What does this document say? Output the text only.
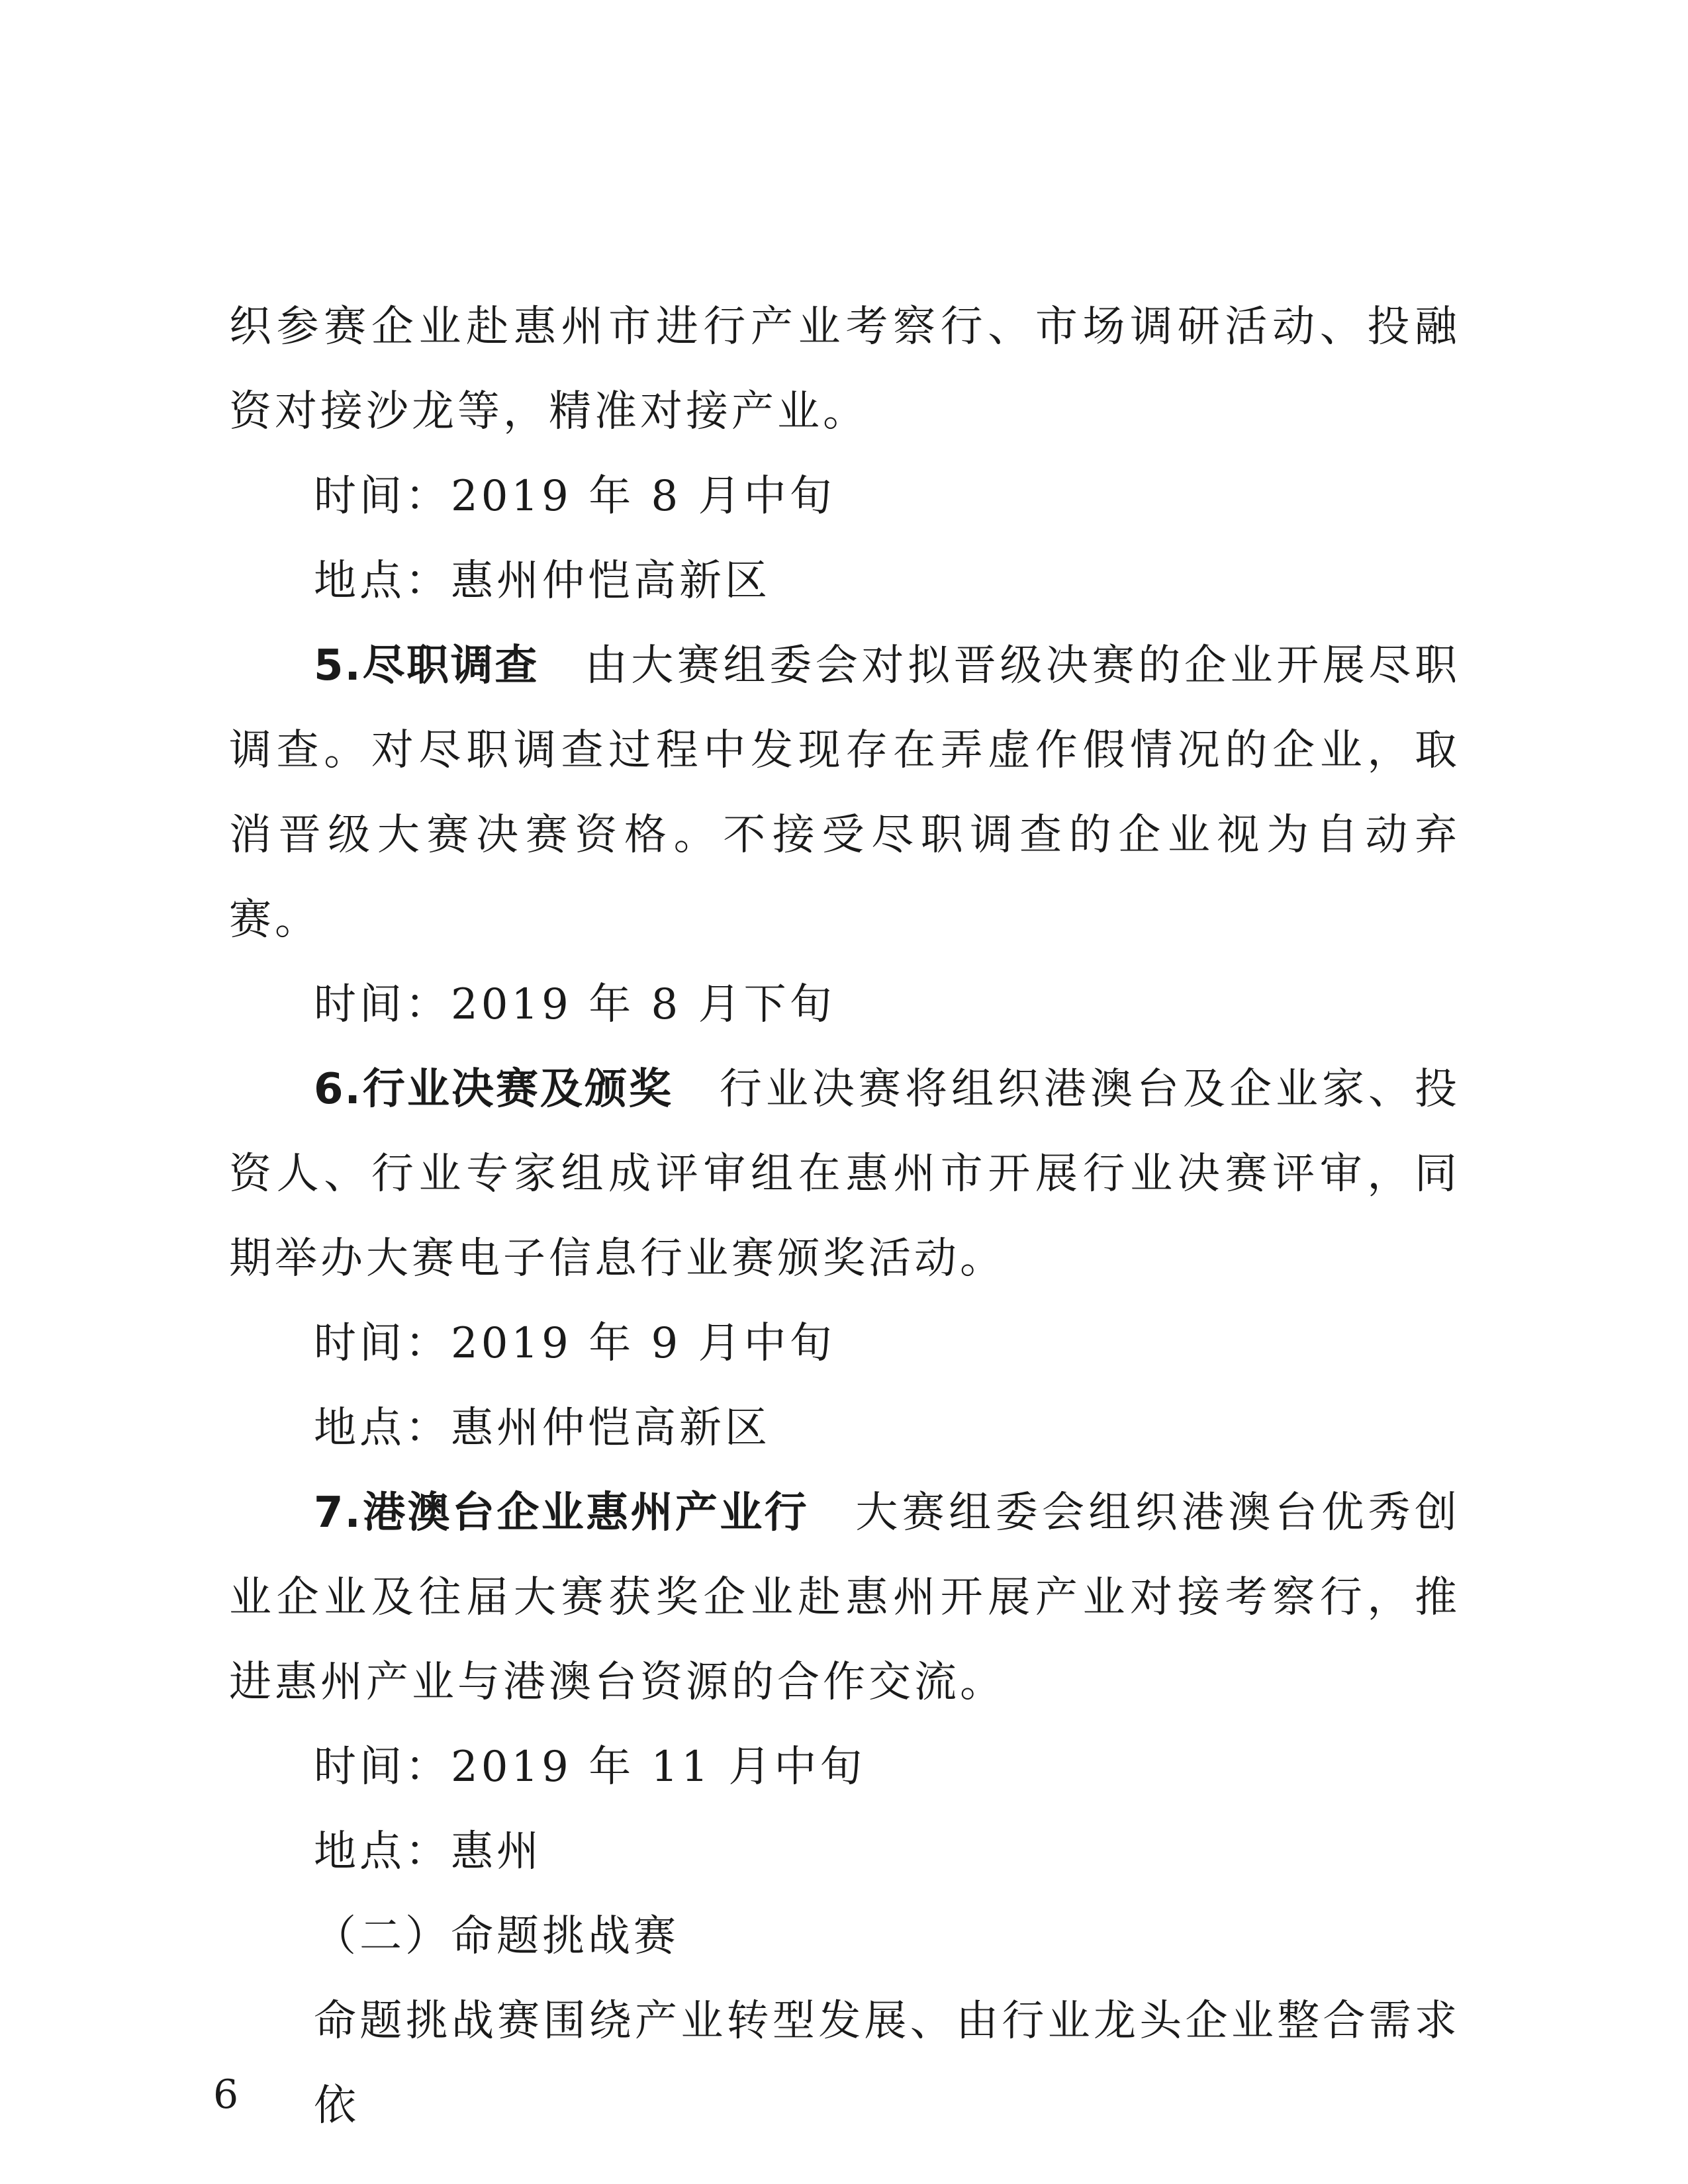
织参赛企业赴惠州市进行产业考察行、市场调研活动、投融资对接沙龙等，精准对接产业。

时间：2019 年 8 月中旬

地点：惠州仲恺高新区

5.尽职调查  由大赛组委会对拟晋级决赛的企业开展尽职调查。对尽职调查过程中发现存在弄虚作假情况的企业，取消晋级大赛决赛资格。不接受尽职调查的企业视为自动弃赛。

时间：2019 年 8 月下旬

6.行业决赛及颁奖  行业决赛将组织港澳台及企业家、投资人、行业专家组成评审组在惠州市开展行业决赛评审，同期举办大赛电子信息行业赛颁奖活动。

时间：2019 年 9 月中旬

地点：惠州仲恺高新区

7.港澳台企业惠州产业行  大赛组委会组织港澳台优秀创业企业及往届大赛获奖企业赴惠州开展产业对接考察行，推进惠州产业与港澳台资源的合作交流。

时间：2019 年 11 月中旬

地点：惠州

（二）命题挑战赛

命题挑战赛围绕产业转型发展、由行业龙头企业整合需求依

6
